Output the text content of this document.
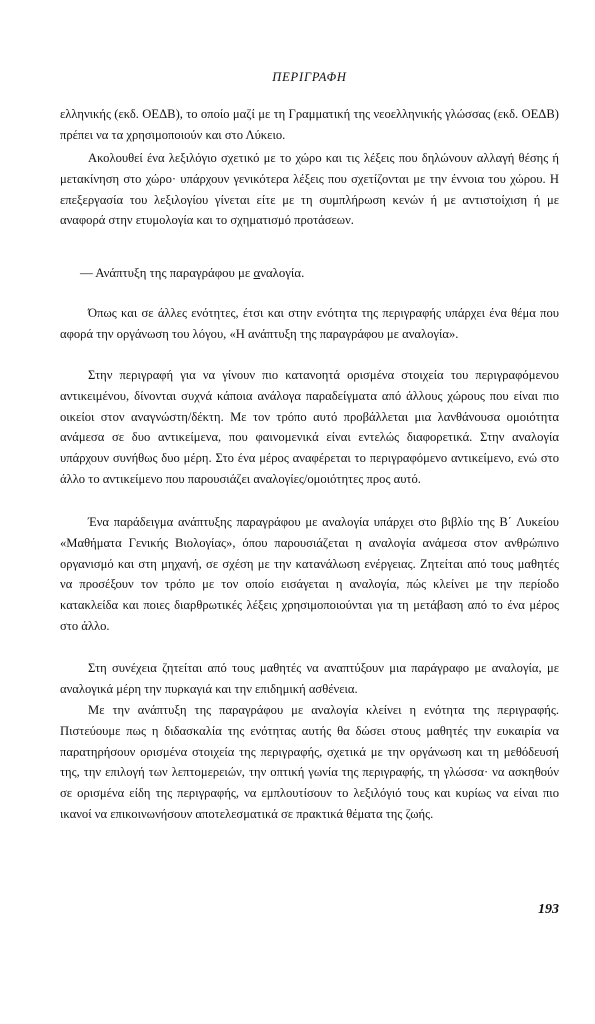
ΠΕΡΙΓΡΑΦΗ

ελληνικής (εκδ. ΟΕΔΒ), το οποίο μαζί με τη Γραμματική της νεοελληνικής γλώσσας (εκδ. ΟΕΔΒ) πρέπει να τα χρησιμοποιούν και στο Λύκειο.

Ακολουθεί ένα λεξιλόγιο σχετικό με το χώρο και τις λέξεις που δηλώνουν αλλαγή θέσης ή μετακίνηση στο χώρο· υπάρχουν γενικότερα λέξεις που σχετίζονται με την έννοια του χώρου. Η επεξεργασία του λεξιλογίου γίνεται είτε με τη συμπλήρωση κενών ή με αντιστοίχιση ή με αναφορά στην ετυμολογία και το σχηματισμό προτάσεων.

— Ανάπτυξη της παραγράφου με αναλογία.

Όπως και σε άλλες ενότητες, έτσι και στην ενότητα της περιγραφής υπάρχει ένα θέμα που αφορά την οργάνωση του λόγου, «Η ανάπτυξη της παραγράφου με αναλογία».

Στην περιγραφή για να γίνουν πιο κατανοητά ορισμένα στοιχεία του περιγραφόμενου αντικειμένου, δίνονται συχνά κάποια ανάλογα παραδείγματα από άλλους χώρους που είναι πιο οικείοι στον αναγνώστη/δέκτη. Με τον τρόπο αυτό προβάλλεται μια λανθάνουσα ομοιότητα ανάμεσα σε δυο αντικείμενα, που φαινομενικά είναι εντελώς διαφορετικά. Στην αναλογία υπάρχουν συνήθως δυο μέρη. Στο ένα μέρος αναφέρεται το περιγραφόμενο αντικείμενο, ενώ στο άλλο το αντικείμενο που παρουσιάζει αναλογίες/ομοιότητες προς αυτό.

Ένα παράδειγμα ανάπτυξης παραγράφου με αναλογία υπάρχει στο βιβλίο της Β΄ Λυκείου «Μαθήματα Γενικής Βιολογίας», όπου παρουσιάζεται η αναλογία ανάμεσα στον ανθρώπινο οργανισμό και στη μηχανή, σε σχέση με την κατανάλωση ενέργειας. Ζητείται από τους μαθητές να προσέξουν τον τρόπο με τον οποίο εισάγεται η αναλογία, πώς κλείνει με την περίοδο κατακλείδα και ποιες διαρθρωτικές λέξεις χρησιμοποιούνται για τη μετάβαση από το ένα μέρος στο άλλο.

Στη συνέχεια ζητείται από τους μαθητές να αναπτύξουν μια παράγραφο με αναλογία, με αναλογικά μέρη την πυρκαγιά και την επιδημική ασθένεια.

Με την ανάπτυξη της παραγράφου με αναλογία κλείνει η ενότητα της περιγραφής. Πιστεύουμε πως η διδασκαλία της ενότητας αυτής θα δώσει στους μαθητές την ευκαιρία να παρατηρήσουν ορισμένα στοιχεία της περιγραφής, σχετικά με την οργάνωση και τη μεθόδευσή της, την επιλογή των λεπτομερειών, την οπτική γωνία της περιγραφής, τη γλώσσα· να ασκηθούν σε ορισμένα είδη της περιγραφής, να εμπλουτίσουν το λεξιλόγιό τους και κυρίως να είναι πιο ικανοί να επικοινωνήσουν αποτελεσματικά σε πρακτικά θέματα της ζωής.

193
